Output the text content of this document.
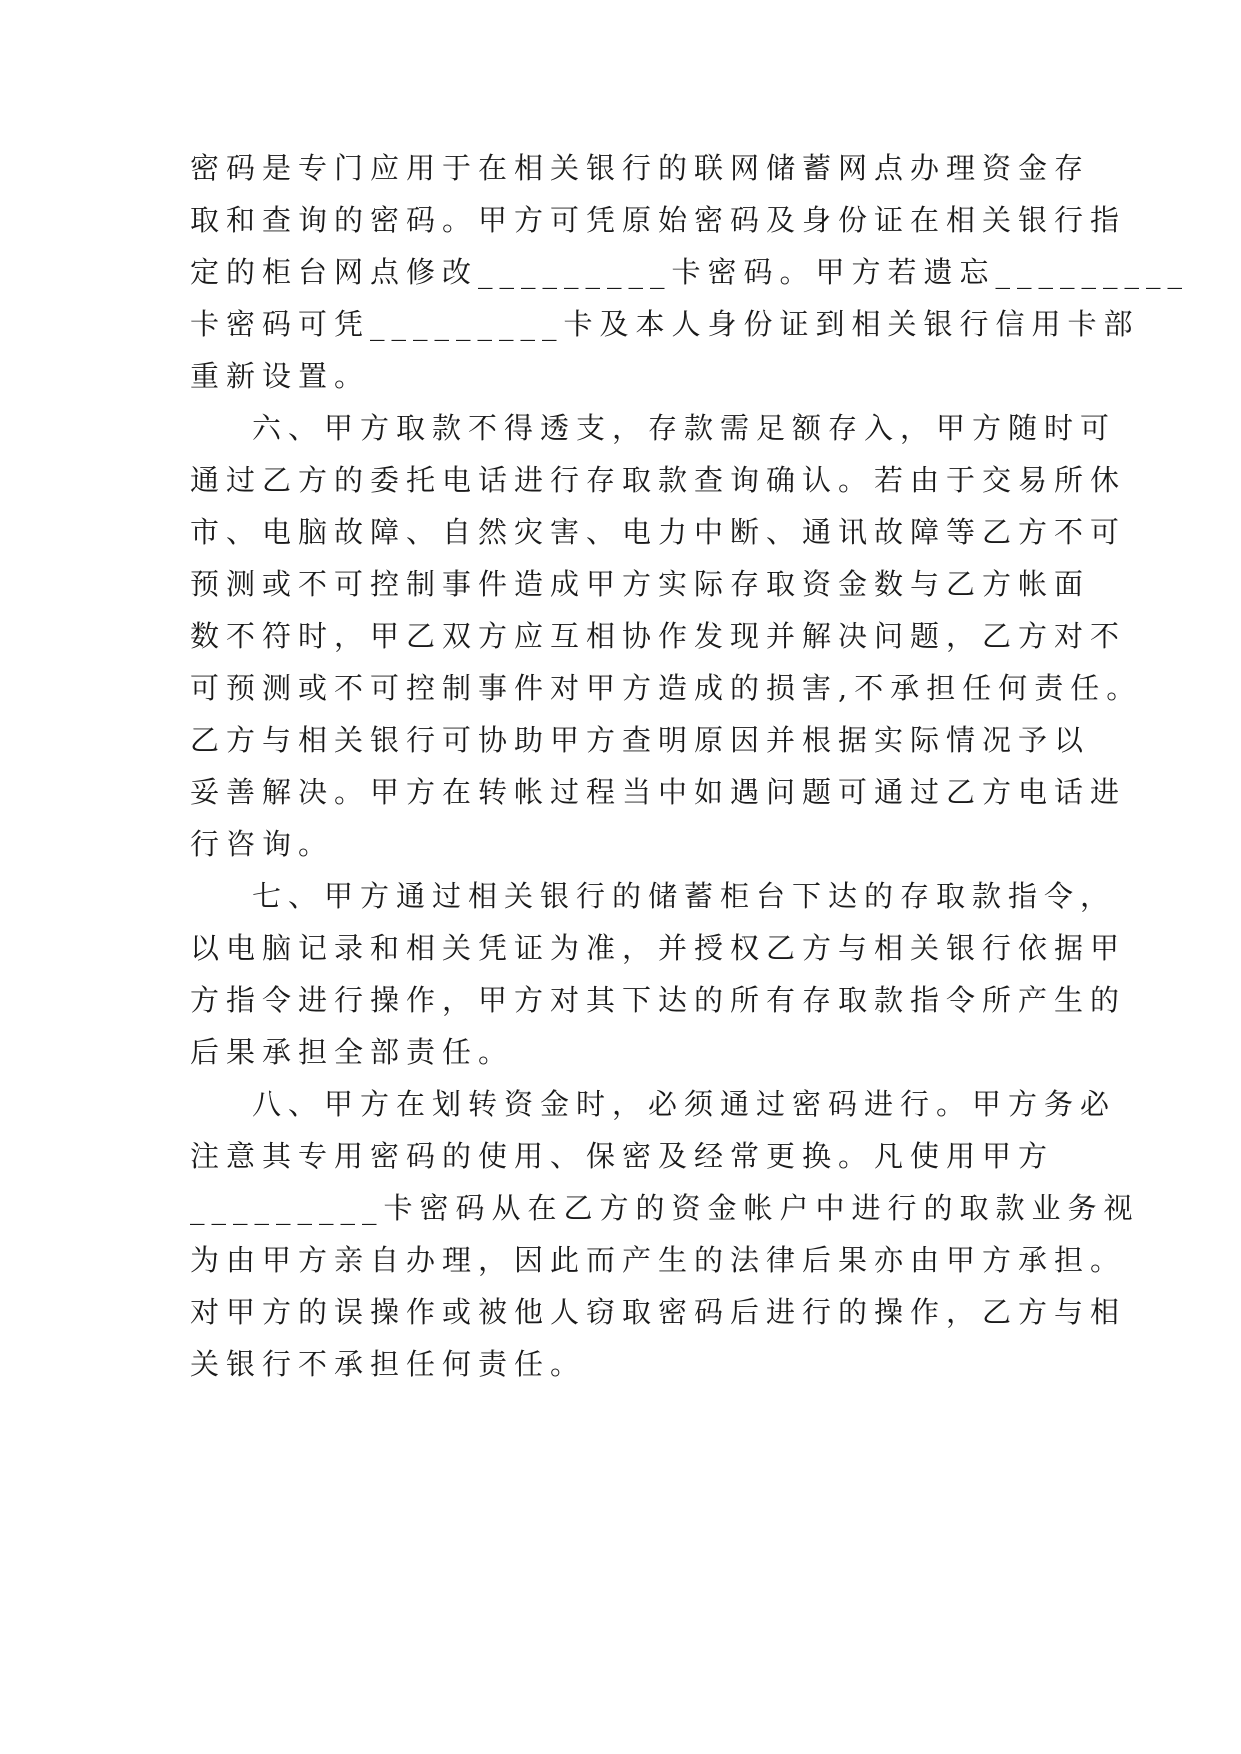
密码是专门应用于在相关银行的联网储蓄网点办理资金存
取和查询的密码。甲方可凭原始密码及身份证在相关银行指
定的柜台网点修改_________卡密码。甲方若遗忘_________
卡密码可凭_________卡及本人身份证到相关银行信用卡部
重新设置。
六、甲方取款不得透支，存款需足额存入，甲方随时可
通过乙方的委托电话进行存取款查询确认。若由于交易所休
市、电脑故障、自然灾害、电力中断、通讯故障等乙方不可
预测或不可控制事件造成甲方实际存取资金数与乙方帐面
数不符时，甲乙双方应互相协作发现并解决问题，乙方对不
可预测或不可控制事件对甲方造成的损害,不承担任何责任。
乙方与相关银行可协助甲方查明原因并根据实际情况予以
妥善解决。甲方在转帐过程当中如遇问题可通过乙方电话进
行咨询。
七、甲方通过相关银行的储蓄柜台下达的存取款指令，
以电脑记录和相关凭证为准，并授权乙方与相关银行依据甲
方指令进行操作，甲方对其下达的所有存取款指令所产生的
后果承担全部责任。
八、甲方在划转资金时，必须通过密码进行。甲方务必
注意其专用密码的使用、保密及经常更换。凡使用甲方
_________卡密码从在乙方的资金帐户中进行的取款业务视
为由甲方亲自办理，因此而产生的法律后果亦由甲方承担。
对甲方的误操作或被他人窃取密码后进行的操作，乙方与相
关银行不承担任何责任。
